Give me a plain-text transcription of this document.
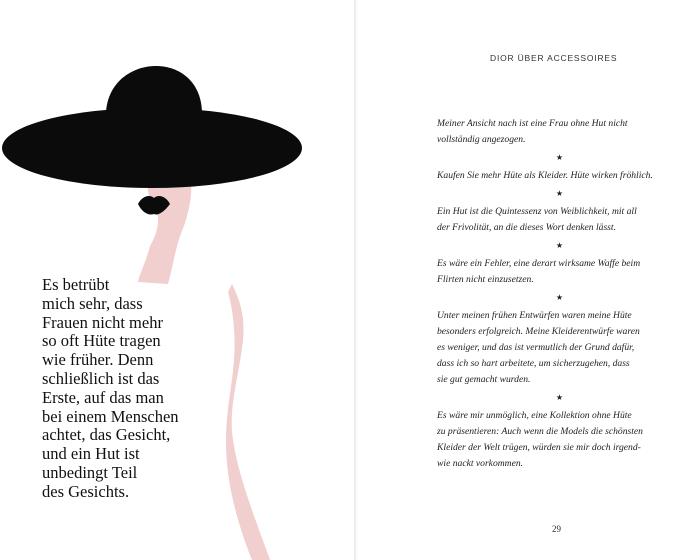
Es betrübt
mich sehr, dass
Frauen nicht mehr
so oft Hüte tragen
wie früher. Denn
schließlich ist das
Erste, auf das man
bei einem Menschen
achtet, das Gesicht,
und ein Hut ist
unbedingt Teil
des Gesichts.

DIOR ÜBER ACCESSOIRES

Meiner Ansicht nach ist eine Frau ohne Hut nicht
vollständig angezogen.

★

Kaufen Sie mehr Hüte als Kleider. Hüte wirken fröhlich.

★

Ein Hut ist die Quintessenz von Weiblichkeit, mit all
der Frivolität, an die dieses Wort denken lässt.

★

Es wäre ein Fehler, eine derart wirksame Waffe beim
Flirten nicht einzusetzen.

★

Unter meinen frühen Entwürfen waren meine Hüte
besonders erfolgreich. Meine Kleiderentwürfe waren
es weniger, und das ist vermutlich der Grund dafür,
dass ich so hart arbeitete, um sicherzugehen, dass
sie gut gemacht wurden.

★

Es wäre mir unmöglich, eine Kollektion ohne Hüte
zu präsentieren: Auch wenn die Models die schönsten
Kleider der Welt trügen, würden sie mir doch irgend-
wie nackt vorkommen.

29
